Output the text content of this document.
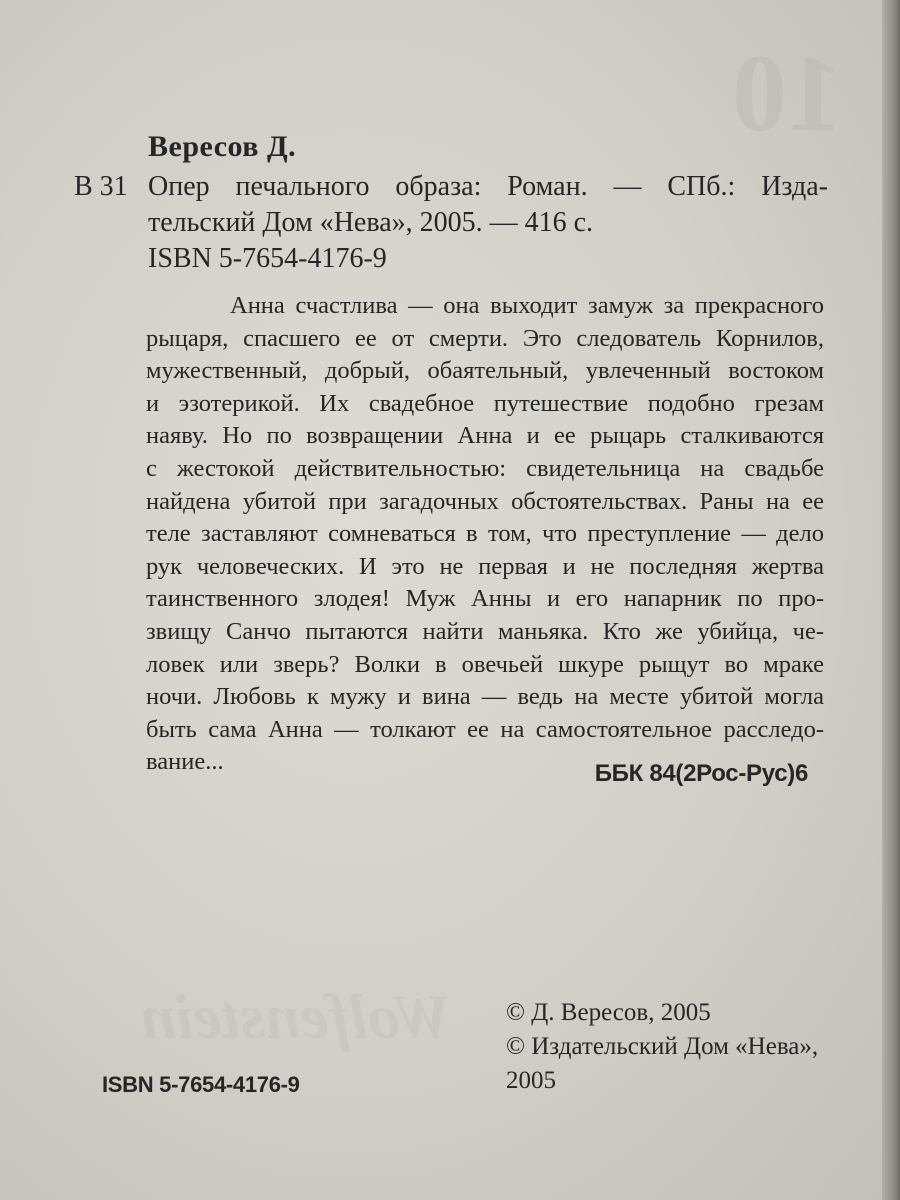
10
Wolfenstein
Вересов Д.
В 31 Опер печального образа: Роман. — СПб.: Изда-
тельский Дом «Нева», 2005. — 416 с.
ISBN 5-7654-4176-9
Анна счастлива — она выходит замуж за прекрасного
рыцаря, спасшего ее от смерти. Это следователь Корнилов,
мужественный, добрый, обаятельный, увлеченный востоком
и эзотерикой. Их свадебное путешествие подобно грезам
наяву. Но по возвращении Анна и ее рыцарь сталкиваются
с жестокой действительностью: свидетельница на свадьбе
найдена убитой при загадочных обстоятельствах. Раны на ее
теле заставляют сомневаться в том, что преступление — дело
рук человеческих. И это не первая и не последняя жертва
таинственного злодея! Муж Анны и его напарник по про-
звищу Санчо пытаются найти маньяка. Кто же убийца, че-
ловек или зверь? Волки в овечьей шкуре рыщут во мраке
ночи. Любовь к мужу и вина — ведь на месте убитой могла
быть сама Анна — толкают ее на самостоятельное расследо-
вание...	ББК 84(2Рос-Рус)6
© Д. Вересов, 2005
© Издательский Дом «Нева»,
2005
ISBN 5-7654-4176-9
